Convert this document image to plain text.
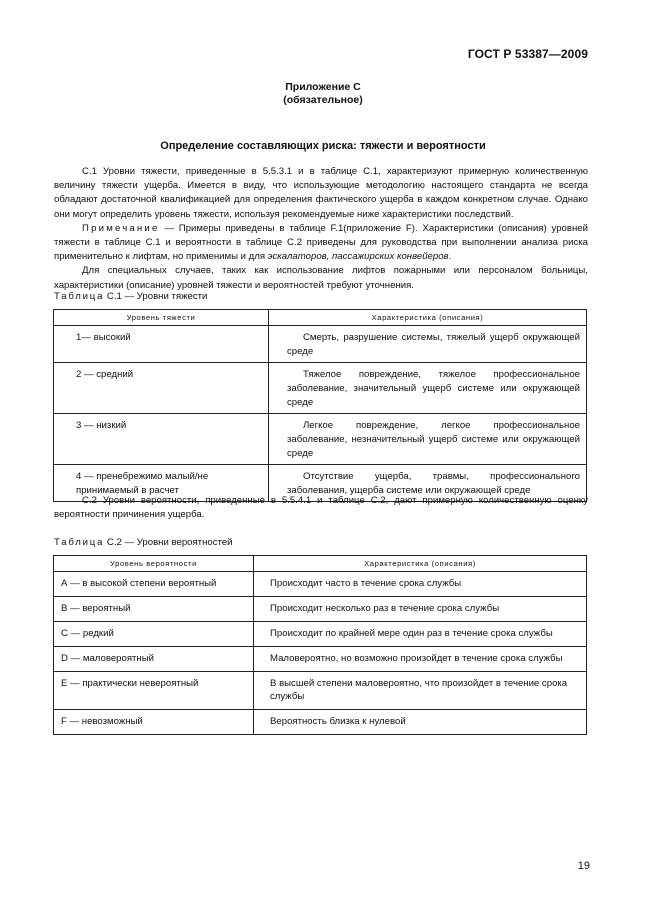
ГОСТ Р 53387—2009
Приложение С
(обязательное)
Определение составляющих риска: тяжести и вероятности
С.1 Уровни тяжести, приведенные в 5.5.3.1 и в таблице С.1, характеризуют примерную количественную величину тяжести ущерба. Имеется в виду, что использующие методологию настоящего стандарта не всегда обладают достаточной квалификацией для определения фактического ущерба в каждом конкретном случае. Однако они могут определить уровень тяжести, используя рекомендуемые ниже характеристики последствий.
Примечание — Примеры приведены в таблице F.1(приложение F). Характеристики (описания) уровней тяжести в таблице С.1 и вероятности в таблице С.2 приведены для руководства при выполнении анализа риска применительно к лифтам, но применимы и для эскалаторов, пассажирских конвейеров.
Для специальных случаев, таких как использование лифтов пожарными или персоналом больницы, характеристики (описание) уровней тяжести и вероятностей требуют уточнения.
Таблица С.1 — Уровни тяжести
Уровень тяжести	Характеристика (описания)
1— высокий	Смерть, разрушение системы, тяжелый ущерб окружающей среде
2 — средний	Тяжелое повреждение, тяжелое профессиональное заболевание, значительный ущерб системе или окружающей среде
3 — низкий	Легкое повреждение, легкое профессиональное заболевание, незначительный ущерб системе или окружающей среде
4 — пренебрежимо малый/не принимаемый в расчет	Отсутствие ущерба, травмы, профессионального заболевания, ущерба системе или окружающей среде
С.2 Уровни вероятности, приведенные в 5.5.4.1 и таблице С.2, дают примерную количественную оценку вероятности причинения ущерба.
Таблица С.2 — Уровни вероятностей
Уровень вероятности	Характеристика (описания)
А — в высокой степени вероятный	Происходит часто в течение срока службы
В — вероятный	Происходит несколько раз в течение срока службы
С — редкий	Происходит по крайней мере один раз в течение срока службы
D — маловероятный	Маловероятно, но возможно произойдет в течение срока службы
Е — практически невероятный	В высшей степени маловероятно, что произойдет в течение срока службы
F — невозможный	Вероятность близка к нулевой
19
